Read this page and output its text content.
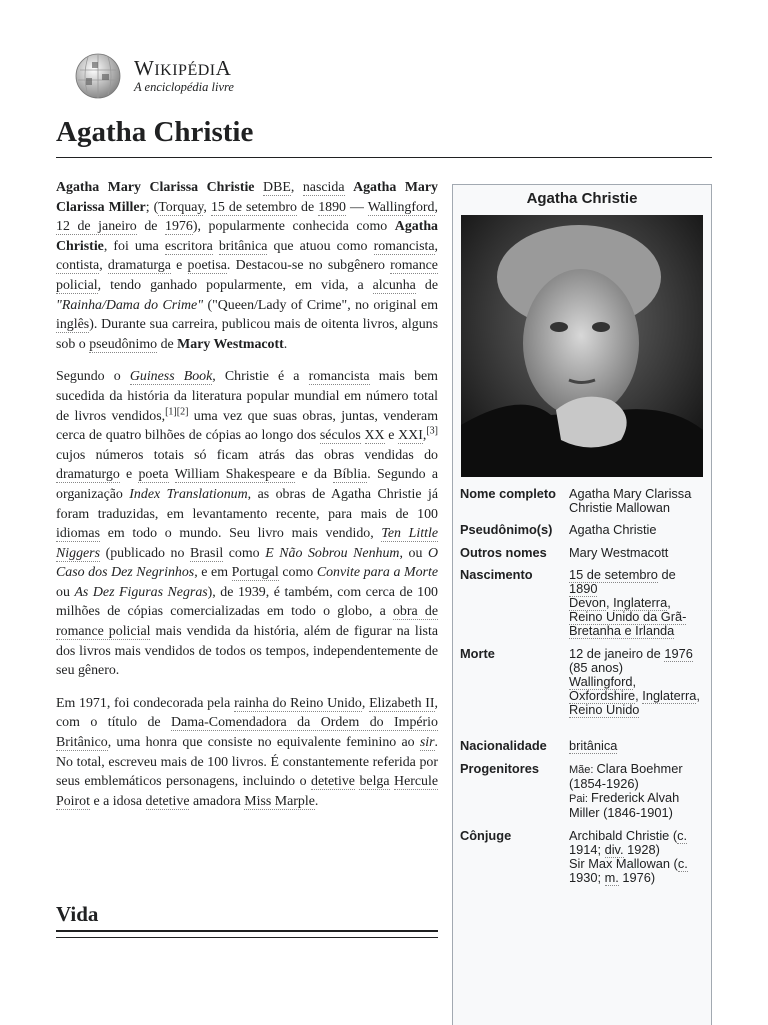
WIKIPÉDIA
A enciclopédia livre
Agatha Christie

Agatha Mary Clarissa Christie DBE, nascida Agatha Mary Clarissa Miller; (Torquay, 15 de setembro de 1890 — Wallingford, 12 de janeiro de 1976), popularmente conhecida como Agatha Christie, foi uma escritora britânica que atuou como romancista, contista, dramaturga e poetisa. Destacou-se no subgênero romance policial, tendo ganhado popularmente, em vida, a alcunha de "Rainha/Dama do Crime" ("Queen/Lady of Crime", no original em inglês). Durante sua carreira, publicou mais de oitenta livros, alguns sob o pseudônimo de Mary Westmacott.

Segundo o Guiness Book, Christie é a romancista mais bem sucedida da história da literatura popular mundial em número total de livros vendidos,[1][2] uma vez que suas obras, juntas, venderam cerca de quatro bilhões de cópias ao longo dos séculos XX e XXI,[3] cujos números totais só ficam atrás das obras vendidas do dramaturgo e poeta William Shakespeare e da Bíblia. Segundo a organização Index Translationum, as obras de Agatha Christie já foram traduzidas, em levantamento recente, para mais de 100 idiomas em todo o mundo. Seu livro mais vendido, Ten Little Niggers (publicado no Brasil como E Não Sobrou Nenhum, ou O Caso dos Dez Negrinhos, e em Portugal como Convite para a Morte ou As Dez Figuras Negras), de 1939, é também, com cerca de 100 milhões de cópias comercializadas em todo o globo, a obra de romance policial mais vendida da história, além de figurar na lista dos livros mais vendidos de todos os tempos, independentemente de seu gênero.

Em 1971, foi condecorada pela rainha do Reino Unido, Elizabeth II, com o título de Dama-Comendadora da Ordem do Império Britânico, uma honra que consiste no equivalente feminino ao sir. No total, escreveu mais de 100 livros. É constantemente referida por seus emblemáticos personagens, incluindo o detetive belga Hercule Poirot e a idosa detetive amadora Miss Marple.

Vida
Agatha Christie
Nome completo	Agatha Mary Clarissa Christie Mallowan
Pseudônimo(s)	Agatha Christie
Outros nomes	Mary Westmacott
Nascimento	15 de setembro de 1890
Devon, Inglaterra, Reino Unido da Grã-Bretanha e Irlanda
Morte	12 de janeiro de 1976 (85 anos)
Wallingford, Oxfordshire, Inglaterra, Reino Unido
Nacionalidade	britânica
Progenitores	Mãe: Clara Boehmer (1854-1926)
Pai: Frederick Alvah Miller (1846-1901)
Cônjuge	Archibald Christie (c. 1914; div. 1928)
Sir Max Mallowan (c. 1930; m. 1976)
